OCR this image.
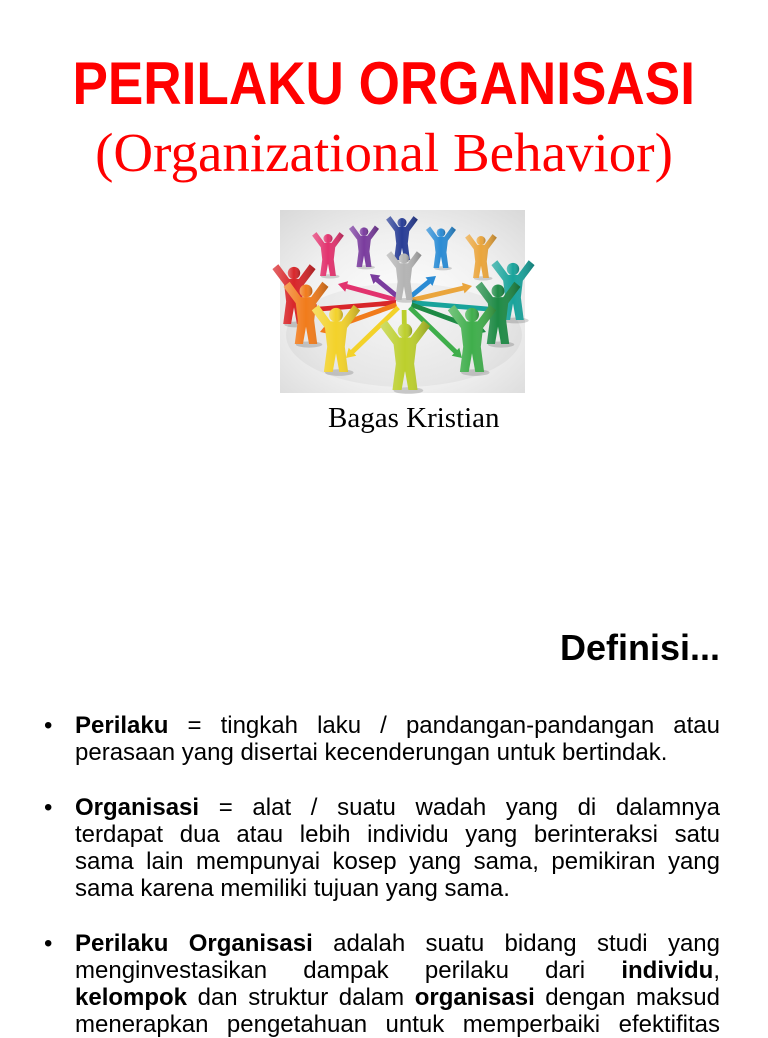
PERILAKU ORGANISASI
(Organizational Behavior)
Bagas Kristian
Definisi...
• Perilaku = tingkah laku / pandangan-pandangan atau
perasaan yang disertai kecenderungan untuk bertindak.
• Organisasi = alat / suatu wadah yang di dalamnya
terdapat dua atau lebih individu yang berinteraksi satu
sama lain mempunyai kosep yang sama, pemikiran yang
sama karena memiliki tujuan yang sama.
• Perilaku Organisasi adalah suatu bidang studi yang
menginvestasikan dampak perilaku dari individu,
kelompok dan struktur dalam organisasi dengan maksud
menerapkan pengetahuan untuk memperbaiki efektifitas
